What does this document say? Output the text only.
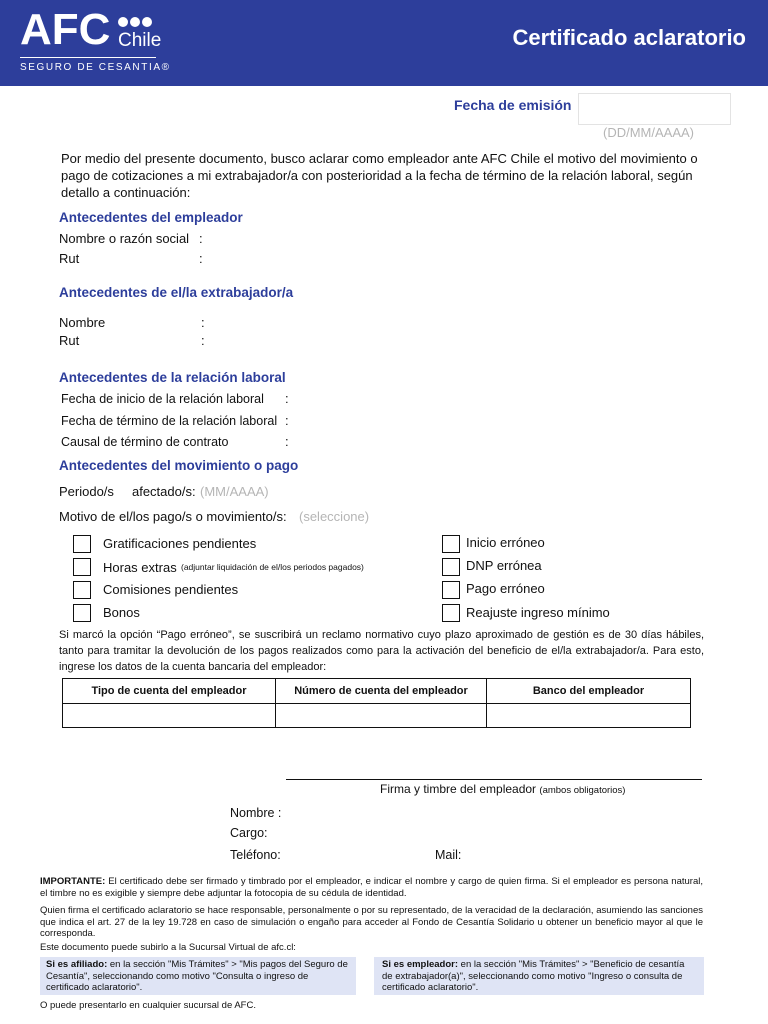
AFC Chile
SEGURO DE CESANTIA®
Certificado aclaratorio
Fecha de emisión
(DD/MM/AAAA)
Por medio del presente documento, busco aclarar como empleador ante AFC Chile el motivo del movimiento o pago de cotizaciones a mi extrabajador/a con posterioridad a la fecha de término de la relación laboral, según detallo a continuación:
Antecedentes del empleador
Nombre o razón social :
Rut	:
Antecedentes de el/la extrabajador/a
Nombre	:
Rut	:
Antecedentes de la relación laboral
Fecha de inicio de la relación laboral :
Fecha de término de la relación laboral :
Causal de término de contrato	:
Antecedentes del movimiento o pago
Periodo/s     afectado/s: (MM/AAAA)
Motivo de el/los pago/s o movimiento/s: (seleccione)
Gratificaciones pendientes
Horas extras (adjuntar liquidación de el/los periodos pagados)
Comisiones pendientes
Bonos
Inicio erróneo
DNP errónea
Pago erróneo
Reajuste ingreso mínimo
Si marcó la opción “Pago erróneo”, se suscribirá un reclamo normativo cuyo plazo aproximado de gestión es de 30 días hábiles, tanto para tramitar la devolución de los pagos realizados como para la activación del beneficio de el/la extrabajador/a. Para esto, ingrese los datos de la cuenta bancaria del empleador:
Tipo de cuenta del empleador	Número de cuenta del empleador	Banco del empleador

Firma y timbre del empleador (ambos obligatorios)
Nombre :
Cargo:
Teléfono:	Mail:
IMPORTANTE: El certificado debe ser firmado y timbrado por el empleador, e indicar el nombre y cargo de quien firma. Si el empleador es persona natural, el timbre no es exigible y siempre debe adjuntar la fotocopia de su cédula de identidad.
Quien firma el certificado aclaratorio se hace responsable, personalmente o por su representado, de la veracidad de la declaración, asumiendo las sanciones que indica el art. 27 de la ley 19.728 en caso de simulación o engaño para acceder al Fondo de Cesantía Solidario u obtener un beneficio mayor al que le corresponda.
Este documento puede subirlo a la Sucursal Virtual de afc.cl:
Si es afiliado: en la sección "Mis Trámites" > "Mis pagos del Seguro de Cesantía", seleccionando como motivo "Consulta o ingreso de certificado aclaratorio".
Si es empleador: en la sección "Mis Trámites" > "Beneficio de cesantía de extrabajador(a)", seleccionando como motivo "Ingreso o consulta de certificado aclaratorio".
O puede presentarlo en cualquier sucursal de AFC.
